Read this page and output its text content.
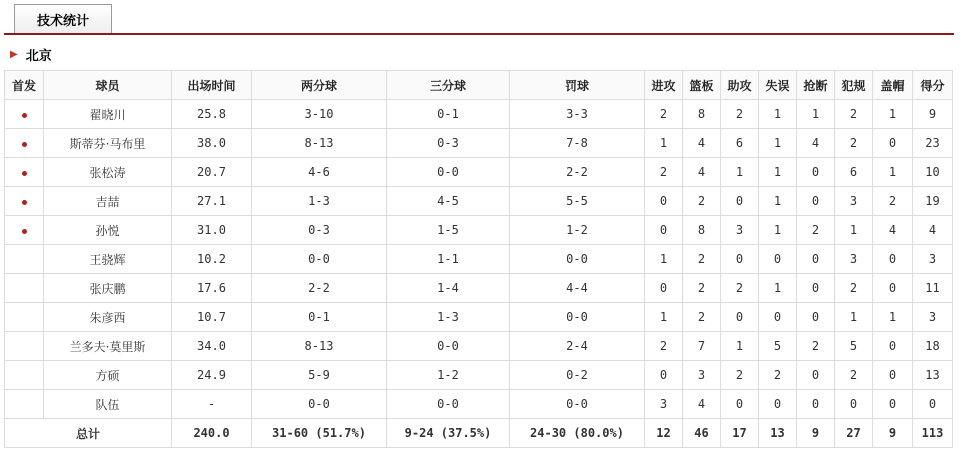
技术统计
▶ 北京
首发	球员	出场时间	两分球	三分球	罚球	进攻	篮板	助攻	失误	抢断	犯规	盖帽	得分
	翟晓川	25.8	3-10	0-1	3-3	2	8	2	1	1	2	1	9
	斯蒂芬·马布里	38.0	8-13	0-3	7-8	1	4	6	1	4	2	0	23
	张松涛	20.7	4-6	0-0	2-2	2	4	1	1	0	6	1	10
	吉喆	27.1	1-3	4-5	5-5	0	2	0	1	0	3	2	19
	孙悦	31.0	0-3	1-5	1-2	0	8	3	1	2	1	4	4
	王骁辉	10.2	0-0	1-1	0-0	1	2	0	0	0	3	0	3
	张庆鹏	17.6	2-2	1-4	4-4	0	2	2	1	0	2	0	11
	朱彦西	10.7	0-1	1-3	0-0	1	2	0	0	0	1	1	3
	兰多夫·莫里斯	34.0	8-13	0-0	2-4	2	7	1	5	2	5	0	18
	方硕	24.9	5-9	1-2	0-2	0	3	2	2	0	2	0	13
	队伍	-	0-0	0-0	0-0	3	4	0	0	0	0	0	0
总计		240.0	31-60 (51.7%)	9-24 (37.5%)	24-30 (80.0%)	12	46	17	13	9	27	9	113
